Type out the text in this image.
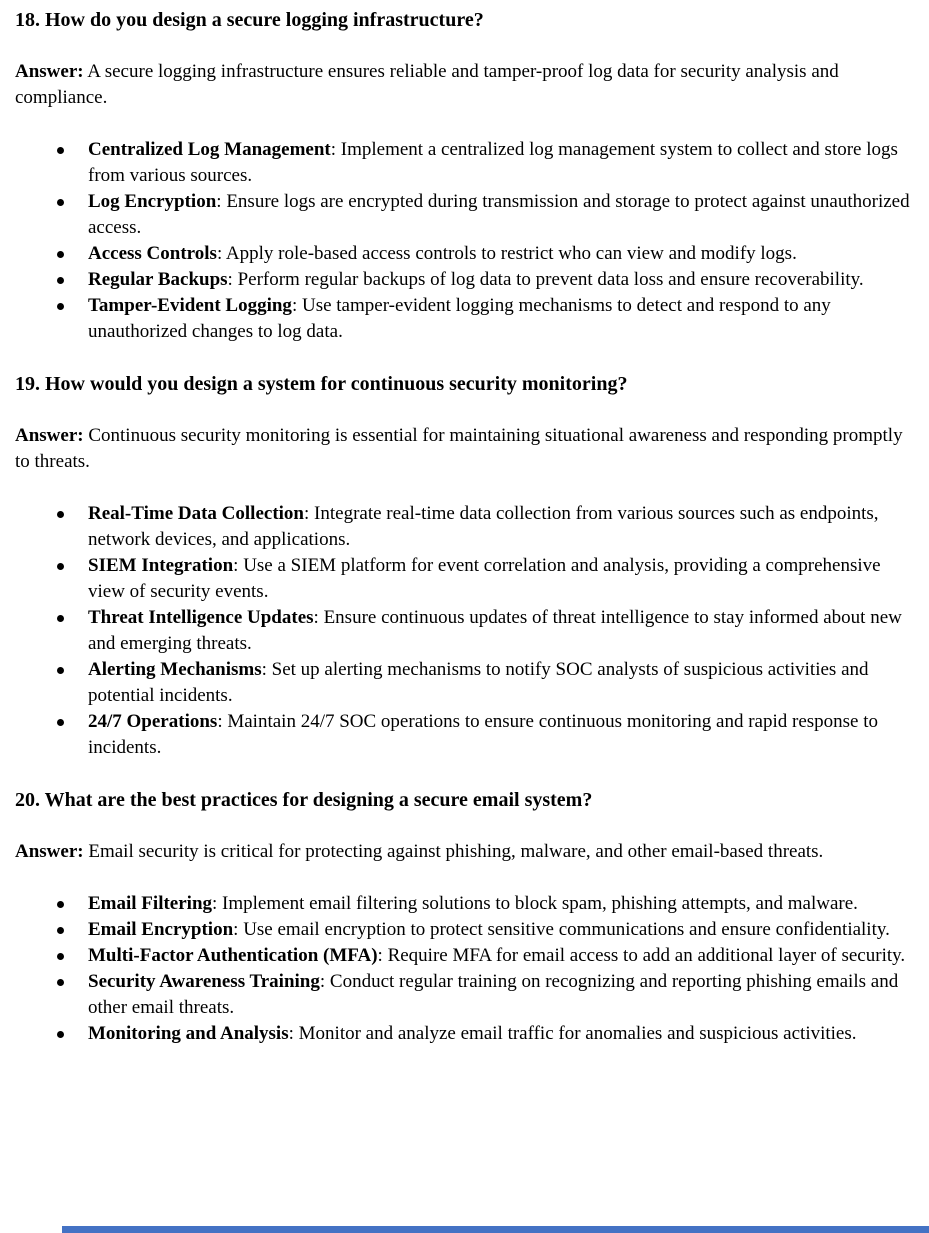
18. How do you design a secure logging infrastructure?

Answer: A secure logging infrastructure ensures reliable and tamper-proof log data for security analysis and compliance.

Centralized Log Management: Implement a centralized log management system to collect and store logs from various sources.
Log Encryption: Ensure logs are encrypted during transmission and storage to protect against unauthorized access.
Access Controls: Apply role-based access controls to restrict who can view and modify logs.
Regular Backups: Perform regular backups of log data to prevent data loss and ensure recoverability.
Tamper-Evident Logging: Use tamper-evident logging mechanisms to detect and respond to any unauthorized changes to log data.
19. How would you design a system for continuous security monitoring?

Answer: Continuous security monitoring is essential for maintaining situational awareness and responding promptly to threats.

Real-Time Data Collection: Integrate real-time data collection from various sources such as endpoints, network devices, and applications.
SIEM Integration: Use a SIEM platform for event correlation and analysis, providing a comprehensive view of security events.
Threat Intelligence Updates: Ensure continuous updates of threat intelligence to stay informed about new and emerging threats.
Alerting Mechanisms: Set up alerting mechanisms to notify SOC analysts of suspicious activities and potential incidents.
24/7 Operations: Maintain 24/7 SOC operations to ensure continuous monitoring and rapid response to incidents.
20. What are the best practices for designing a secure email system?

Answer: Email security is critical for protecting against phishing, malware, and other email-based threats.

Email Filtering: Implement email filtering solutions to block spam, phishing attempts, and malware.
Email Encryption: Use email encryption to protect sensitive communications and ensure confidentiality.
Multi-Factor Authentication (MFA): Require MFA for email access to add an additional layer of security.
Security Awareness Training: Conduct regular training on recognizing and reporting phishing emails and other email threats.
Monitoring and Analysis: Monitor and analyze email traffic for anomalies and suspicious activities.
